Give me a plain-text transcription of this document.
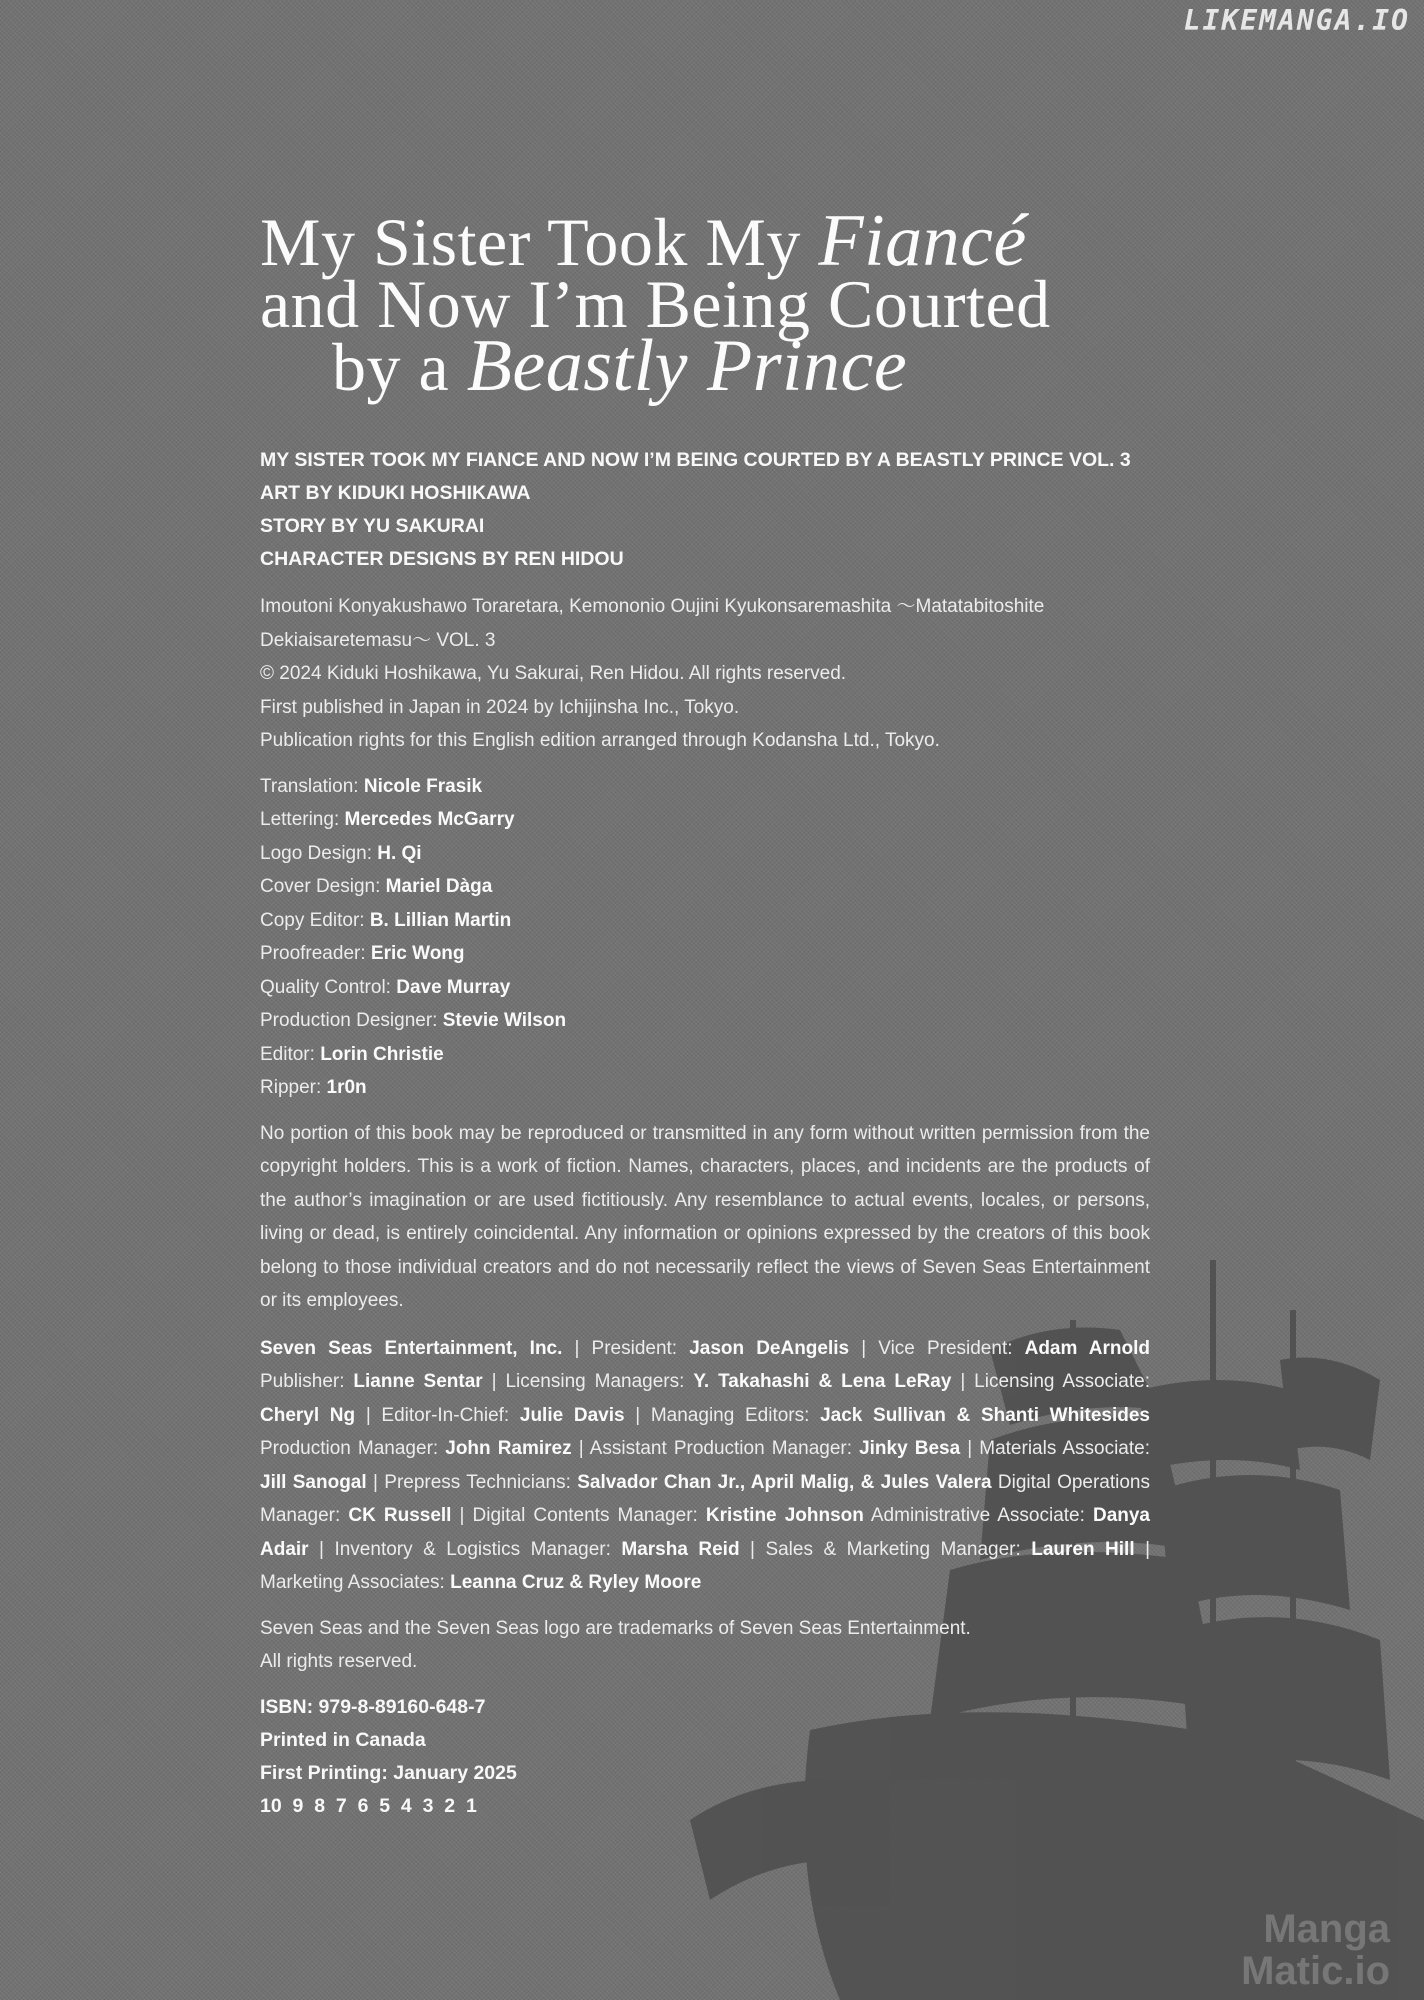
LIKEMANGA.IO
Manga
Matic.io
My Sister Took My Fiancé
and Now I’m Being Courted
by a Beastly Prince
MY SISTER TOOK MY FIANCE AND NOW I’M BEING COURTED BY A BEASTLY PRINCE VOL. 3
ART BY KIDUKI HOSHIKAWA
STORY BY YU SAKURAI
CHARACTER DESIGNS BY REN HIDOU
Imoutoni Konyakushawo Toraretara, Kemononio Oujini Kyukonsaremashita ～Matatabitoshite
Dekiaisaretemasu～ VOL. 3
© 2024 Kiduki Hoshikawa, Yu Sakurai, Ren Hidou. All rights reserved.
First published in Japan in 2024 by Ichijinsha Inc., Tokyo.
Publication rights for this English edition arranged through Kodansha Ltd., Tokyo.
Translation: Nicole Frasik
Lettering: Mercedes McGarry
Logo Design: H. Qi
Cover Design: Mariel Dàga
Copy Editor: B. Lillian Martin
Proofreader: Eric Wong
Quality Control: Dave Murray
Production Designer: Stevie Wilson
Editor: Lorin Christie
Ripper: 1r0n
No portion of this book may be reproduced or transmitted in any form without written permission from the copyright holders. This is a work of fiction. Names, characters, places, and incidents are the products of the author’s imagination or are used fictitiously. Any resemblance to actual events, locales, or persons, living or dead, is entirely coincidental. Any information or opinions expressed by the creators of this book belong to those individual creators and do not necessarily reflect the views of Seven Seas Entertainment or its employees.
Seven Seas Entertainment, Inc. | President: Jason DeAngelis | Vice President: Adam Arnold Publisher: Lianne Sentar | Licensing Managers: Y. Takahashi & Lena LeRay | Licensing Associate: Cheryl Ng | Editor-In-Chief: Julie Davis | Managing Editors: Jack Sullivan & Shanti Whitesides Production Manager: John Ramirez | Assistant Production Manager: Jinky Besa | Materials Associate: Jill Sanogal | Prepress Technicians: Salvador Chan Jr., April Malig, & Jules Valera Digital Operations Manager: CK Russell | Digital Contents Manager: Kristine Johnson Administrative Associate: Danya Adair | Inventory & Logistics Manager: Marsha Reid | Sales & Marketing Manager: Lauren Hill | Marketing Associates: Leanna Cruz & Ryley Moore
Seven Seas and the Seven Seas logo are trademarks of Seven Seas Entertainment.
All rights reserved.
ISBN: 979-8-89160-648-7
Printed in Canada
First Printing: January 2025
10  9  8  7  6  5  4  3  2  1
